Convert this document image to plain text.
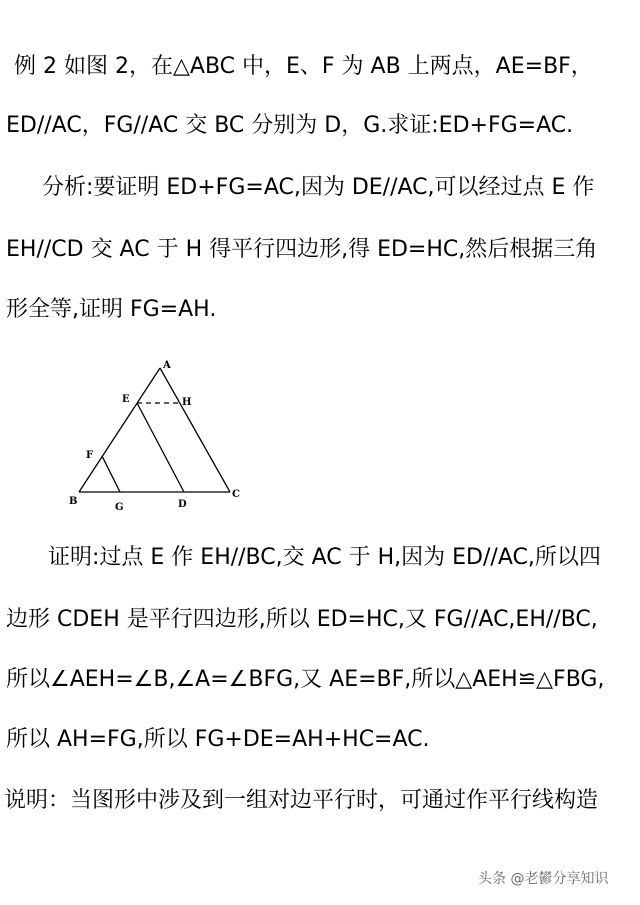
例 2 如图 2，在△ABC 中，E、F 为 AB 上两点，AE=BF，
ED//AC，FG//AC 交 BC 分别为 D，G.求证:ED+FG=AC.
分析:要证明 ED+FG=AC,因为 DE//AC,可以经过点 E 作
EH//CD 交 AC 于 H 得平行四边形,得 ED=HC,然后根据三角
形全等,证明 FG=AH.
A
E	H
F
B
G	D
C
证明:过点 E 作 EH//BC,交 AC 于 H,因为 ED//AC,所以四
边形 CDEH 是平行四边形,所以 ED=HC,又 FG//AC,EH//BC,
所以∠AEH=∠B,∠A=∠BFG,又 AE=BF,所以△AEH≌△FBG,
所以 AH=FG,所以 FG+DE=AH+HC=AC.
说明：当图形中涉及到一组对边平行时，可通过作平行线构造
头条 @老鬰分享知识
